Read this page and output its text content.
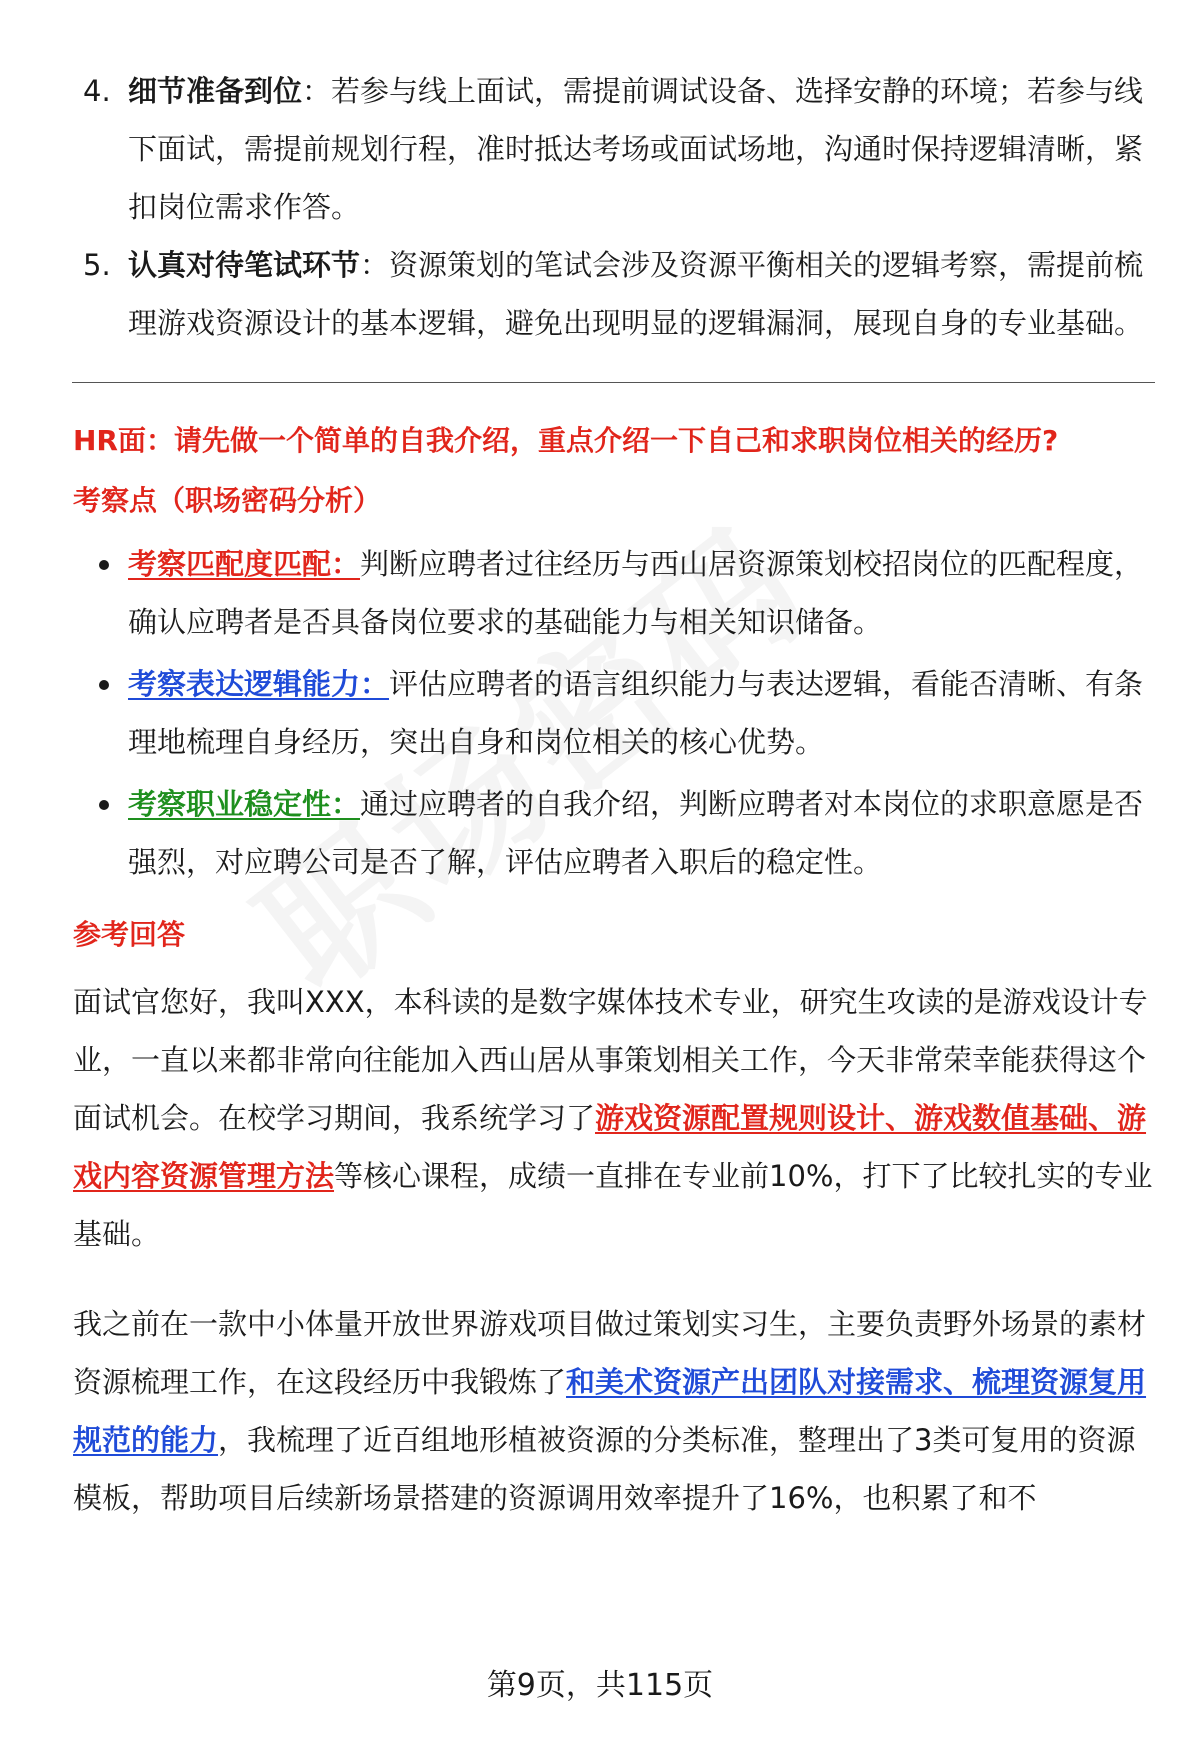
4. 细节准备到位：若参与线上面试，需提前调试设备、选择安静的环境；若参与线下面试，需提前规划行程，准时抵达考场或面试场地，沟通时保持逻辑清晰，紧扣岗位需求作答。
5. 认真对待笔试环节：资源策划的笔试会涉及资源平衡相关的逻辑考察，需提前梳理游戏资源设计的基本逻辑，避免出现明显的逻辑漏洞，展现自身的专业基础。
HR面：请先做一个简单的自我介绍，重点介绍一下自己和求职岗位相关的经历?
考察点（职场密码分析）
考察匹配度匹配：判断应聘者过往经历与西山居资源策划校招岗位的匹配程度，确认应聘者是否具备岗位要求的基础能力与相关知识储备。
考察表达逻辑能力：评估应聘者的语言组织能力与表达逻辑，看能否清晰、有条理地梳理自身经历，突出自身和岗位相关的核心优势。
考察职业稳定性：通过应聘者的自我介绍，判断应聘者对本岗位的求职意愿是否强烈，对应聘公司是否了解，评估应聘者入职后的稳定性。
参考回答
面试官您好，我叫XXX，本科读的是数字媒体技术专业，研究生攻读的是游戏设计专业，一直以来都非常向往能加入西山居从事策划相关工作，今天非常荣幸能获得这个面试机会。在校学习期间，我系统学习了游戏资源配置规则设计、游戏数值基础、游戏内容资源管理方法等核心课程，成绩一直排在专业前10%，打下了比较扎实的专业基础。
我之前在一款中小体量开放世界游戏项目做过策划实习生，主要负责野外场景的素材资源梳理工作，在这段经历中我锻炼了和美术资源产出团队对接需求、梳理资源复用规范的能力，我梳理了近百组地形植被资源的分类标准，整理出了3类可复用的资源模板，帮助项目后续新场景搭建的资源调用效率提升了16%，也积累了和不
第9页，共115页
